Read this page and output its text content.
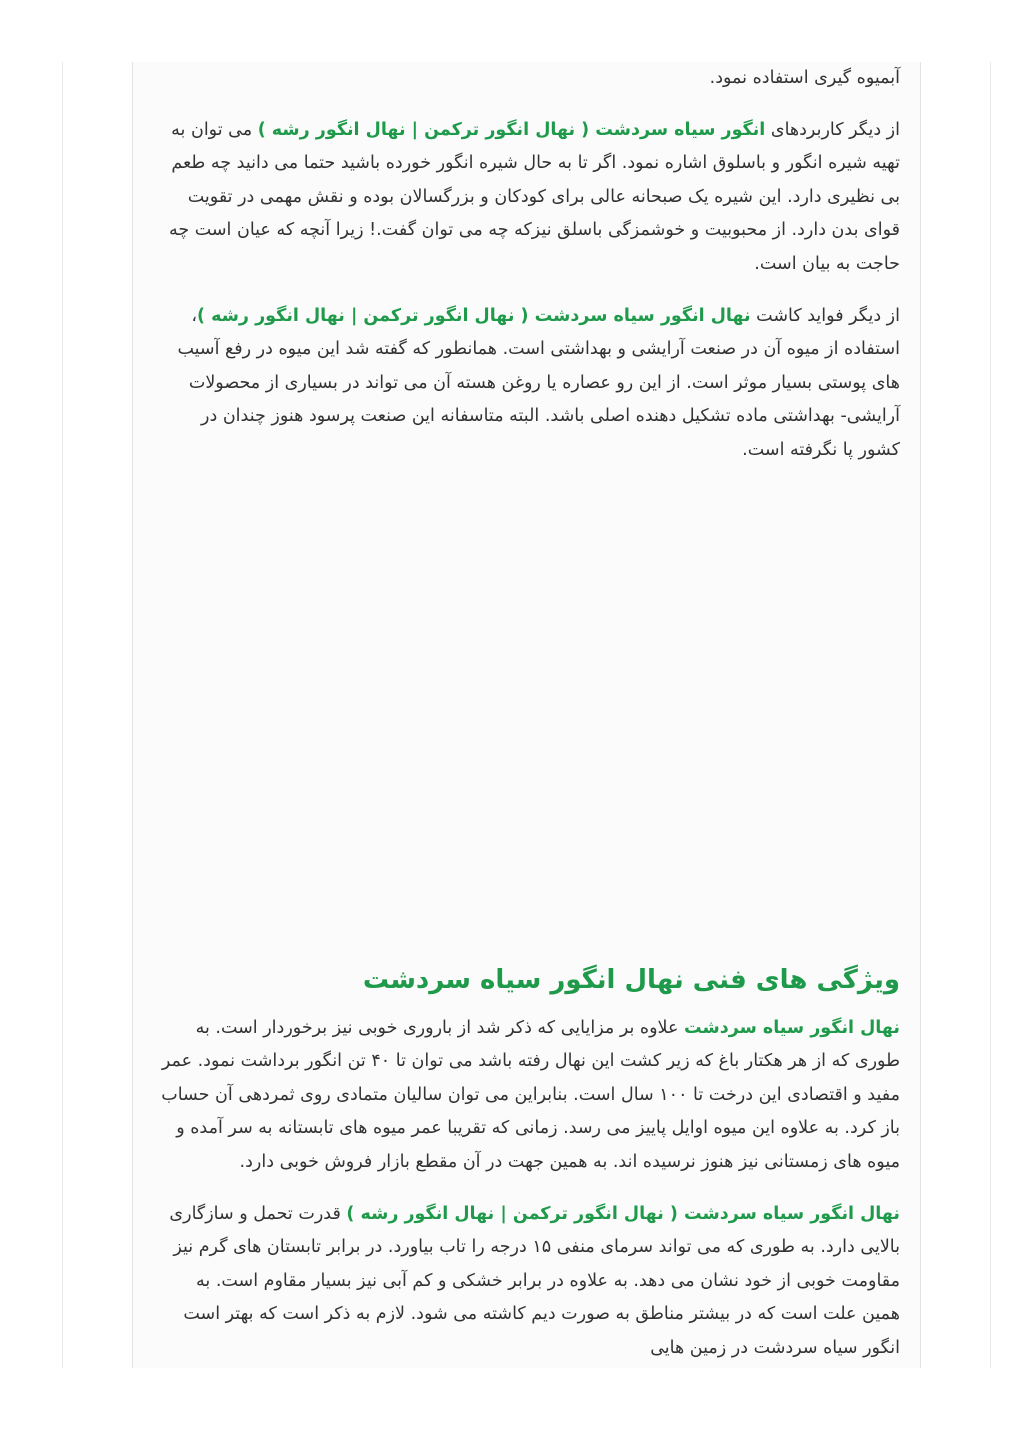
آبمیوه گیری استفاده نمود.

از دیگر کاربردهای انگور سیاه سردشت ( نهال انگور ترکمن | نهال انگور رشه ) می توان به تهیه شیره انگور و باسلوق اشاره نمود. اگر تا به حال شیره انگور خورده باشید حتما می دانید چه طعم بی نظیری دارد. این شیره یک صبحانه عالی برای کودکان و بزرگسالان بوده و نقش مهمی در تقویت قوای بدن دارد. از محبوبیت و خوشمزگی باسلق نیزکه چه می توان گفت.! زیرا آنچه که عیان است چه حاجت به بیان است.

از دیگر فواید کاشت نهال انگور سیاه سردشت ( نهال انگور ترکمن | نهال انگور رشه )، استفاده از میوه آن در صنعت آرایشی و بهداشتی است. همانطور که گفته شد این میوه در رفع آسیب های پوستی بسیار موثر است. از این رو عصاره یا روغن هسته آن می تواند در بسیاری از محصولات آرایشی- بهداشتی ماده تشکیل دهنده اصلی باشد. البته متاسفانه این صنعت پرسود هنوز چندان در کشور پا نگرفته است.

ویژگی های فنی نهال انگور سیاه سردشت

نهال انگور سیاه سردشت علاوه بر مزایایی که ذکر شد از باروری خوبی نیز برخوردار است. به طوری که از هر هکتار باغ که زیر کشت این نهال رفته باشد می توان تا ۴۰ تن انگور برداشت نمود. عمر مفید و اقتصادی این درخت تا ۱۰۰ سال است. بنابراین می توان سالیان متمادی روی ثمردهی آن حساب باز کرد. به علاوه این میوه اوایل پاییز می رسد. زمانی که تقریبا عمر میوه های تابستانه به سر آمده و میوه های زمستانی نیز هنوز نرسیده اند. به همین جهت در آن مقطع بازار فروش خوبی دارد.

نهال انگور سیاه سردشت ( نهال انگور ترکمن | نهال انگور رشه ) قدرت تحمل و سازگاری بالایی دارد. به طوری که می تواند سرمای منفی ۱۵ درجه را تاب بیاورد. در برابر تابستان های گرم نیز مقاومت خوبی از خود نشان می دهد. به علاوه در برابر خشکی و کم آبی نیز بسیار مقاوم است. به همین علت است که در بیشتر مناطق به صورت دیم کاشته می شود. لازم به ذکر است که بهتر است انگور سیاه سردشت در زمین هایی
